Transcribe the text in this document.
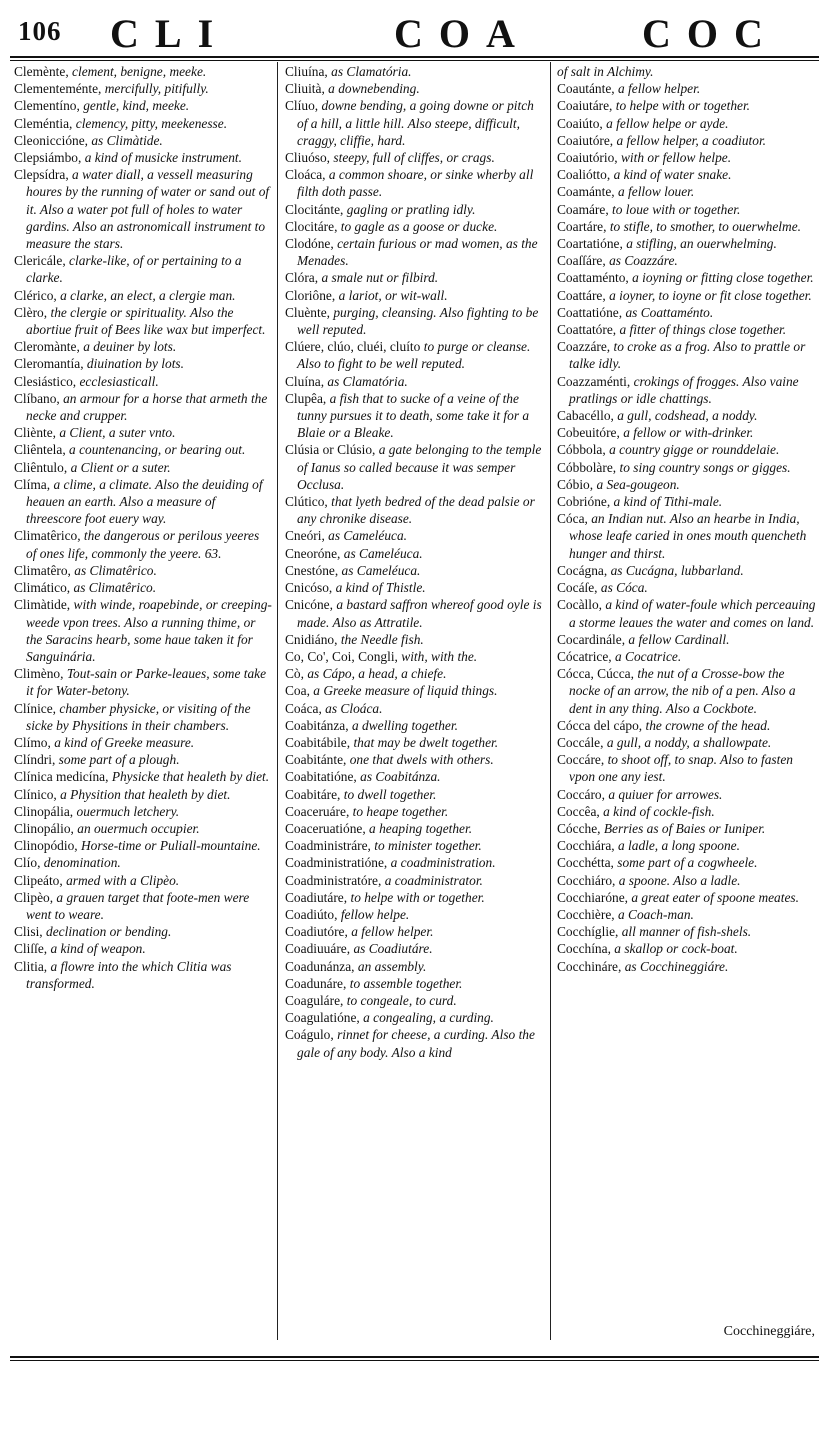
106 CLI	COA	COC

Clemènte, clement, benigne, meeke.

Clementeménte, mercifully, pitifully.

Clementíno, gentle, kind, meeke.

Cleméntia, clemency, pitty, meekenesse.

Cleoniccióne, as Climàtide.

Clepsiámbo, a kind of musicke instrument.

Clepsídra, a water diall, a vessell measuring houres by the running of water or sand out of it. Also a water pot full of holes to water gardins. Also an astronomicall instrument to measure the stars.

Clericále, clarke-like, of or pertaining to a clarke.

Clérico, a clarke, an elect, a clergie man.

Clèro, the clergie or spirituality. Also the abortiue fruit of Bees like wax but imperfect.

Cleromànte, a deuiner by lots.

Cleromantía, diuination by lots.

Clesiástico, ecclesiasticall.

Clíbano, an armour for a horse that armeth the necke and crupper.

Cliènte, a Client, a suter vnto.

Cliêntela, a countenancing, or bearing out.

Cliêntulo, a Client or a suter.

Clíma, a clime, a climate. Also the deuiding of heauen an earth. Also a measure of threescore foot euery way.

Climatêrico, the dangerous or perilous yeeres of ones life, commonly the yeere. 63.

Climatêro, as Climatêrico.

Climático, as Climatêrico.

Climàtide, with winde, roapebinde, or creeping-weede vpon trees. Also a running thime, or the Saracins hearb, some haue taken it for Sanguinária.

Climèno, Tout-sain or Parke-leaues, some take it for Water-betony.

Clínice, chamber physicke, or visiting of the sicke by Physitions in their chambers.

Clímo, a kind of Greeke measure.

Clíndri, some part of a plough.

Clínica medicína, Physicke that healeth by diet.

Clínico, a Physition that healeth by diet.

Clinopália, ouermuch letchery.

Clinopálio, an ouermuch occupier.

Clinopódio, Horse-time or Puliall-mountaine.

Clío, denomination.

Clipeáto, armed with a Clipèo.

Clipèo, a grauen target that foote-men were went to weare.

Clisi, declination or bending.

Cliſſe, a kind of weapon.

Clitia, a flowre into the which Clitia was transformed.

Cliuína, as Clamatória.

Cliuità, a downebending.

Clíuo, downe bending, a going downe or pitch of a hill, a little hill. Also steepe, difficult, craggy, cliffie, hard.

Cliuóso, steepy, full of cliffes, or crags.

Cloáca, a common shoare, or sinke wherby all filth doth passe.

Clocitánte, gagling or pratling idly.

Clocitáre, to gagle as a goose or ducke.

Clodóne, certain furious or mad women, as the Menades.

Clóra, a smale nut or filbird.

Cloriône, a lariot, or wit-wall.

Cluènte, purging, cleansing. Also fighting to be well reputed.

Clúere, clúo, cluéi, cluíto to purge or cleanse. Also to fight to be well reputed.

Cluína, as Clamatória.

Clupêa, a fish that to sucke of a veine of the tunny pursues it to death, some take it for a Blaie or a Bleake.

Clúsia or Clúsio, a gate belonging to the temple of Ianus so called because it was semper Occlusa.

Clútico, that lyeth bedred of the dead palsie or any chronike disease.

Cneóri, as Cameléuca.

Cneoróne, as Cameléuca.

Cnestóne, as Cameléuca.

Cnicóso, a kind of Thistle.

Cnicóne, a bastard saffron whereof good oyle is made. Also as Attratile.

Cnidiáno, the Needle fish.

Co, Co', Coi, Congli, with, with the.

Cò, as Cápo, a head, a chiefe.

Coa, a Greeke measure of liquid things.

Coáca, as Cloáca.

Coabitánza, a dwelling together.

Coabitábile, that may be dwelt together.

Coabitánte, one that dwels with others.

Coabitatióne, as Coabitánza.

Coabitáre, to dwell together.

Coaceruáre, to heape together.

Coaceruatióne, a heaping together.

Coadministráre, to minister together.

Coadministratióne, a coadministration.

Coadministratóre, a coadministrator.

Coadiutáre, to helpe with or together.

Coadiúto, fellow helpe.

Coadiutóre, a fellow helper.

Coadiuuáre, as Coadiutáre.

Coadunánza, an assembly.

Coadunáre, to assemble together.

Coaguláre, to congeale, to curd.

Coagulatióne, a congealing, a curding.

Coágulo, rinnet for cheese, a curding. Also the gale of any body. Also a kind

of salt in Alchimy.

Coautánte, a fellow helper.

Coaiutáre, to helpe with or together.

Coaiúto, a fellow helpe or ayde.

Coaiutóre, a fellow helper, a coadiutor.

Coaiutório, with or fellow helpe.

Coaliótto, a kind of water snake.

Coamánte, a fellow louer.

Coamáre, to loue with or together.

Coartáre, to stifle, to smother, to ouerwhelme.

Coartatióne, a stifling, an ouerwhelming.

Coaſſáre, as Coazzáre.

Coattaménto, a ioyning or fitting close together.

Coattáre, a ioyner, to ioyne or fit close together.

Coattatióne, as Coattaménto.

Coattatóre, a fitter of things close together.

Coazzáre, to croke as a frog. Also to prattle or talke idly.

Coazzaménti, crokings of frogges. Also vaine pratlings or idle chattings.

Cabacéllo, a gull, codshead, a noddy.

Cobeuitóre, a fellow or with-drinker.

Cóbbola, a country gigge or rounddelaie.

Cóbbolàre, to sing country songs or gigges.

Cóbio, a Sea-gougeon.

Cobrióne, a kind of Tithi-male.

Cóca, an Indian nut. Also an hearbe in India, whose leafe caried in ones mouth quencheth hunger and thirst.

Cocágna, as Cucágna, lubbarland.

Cocáſe, as Cóca.

Cocàllo, a kind of water-foule which perceauing a storme leaues the water and comes on land.

Cocardinále, a fellow Cardinall.

Cócatrice, a Cocatrice.

Cócca, Cúcca, the nut of a Crosse-bow the nocke of an arrow, the nib of a pen. Also a dent in any thing. Also a Cockbote.

Cócca del cápo, the crowne of the head.

Coccále, a gull, a noddy, a shallowpate.

Coccáre, to shoot off, to snap. Also to fasten vpon one any iest.

Coccáro, a quiuer for arrowes.

Coccêa, a kind of cockle-fish.

Cócche, Berries as of Baies or Iuniper.

Cocchiára, a ladle, a long spoone.

Cocchétta, some part of a cogwheele.

Cocchiáro, a spoone. Also a ladle.

Cocchiaróne, a great eater of spoone meates.

Cocchière, a Coach-man.

Cocchíglie, all manner of fish-shels.

Cocchína, a skallop or cock-boat.

Cocchináre, as Cocchineggiáre.

Cocchineggiáre,
